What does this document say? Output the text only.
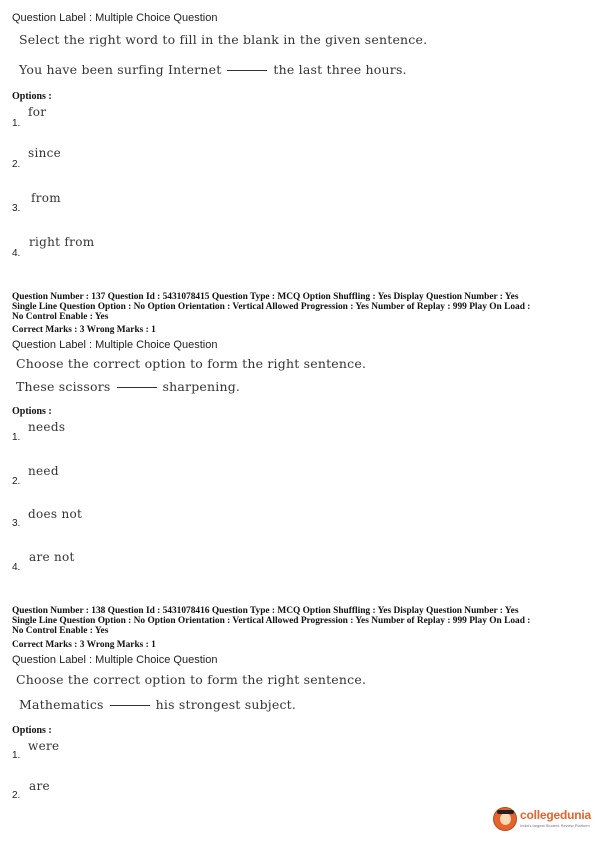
Question Label : Multiple Choice Question
Select the right word to fill in the blank in the given sentence.
You have been surfing Internet	the last three hours.
Options :
for
1.
since
2.
from
3.
right from
4.
Question Number : 137 Question Id : 5431078415 Question Type : MCQ Option Shuffling : Yes Display Question Number : Yes
Single Line Question Option : No Option Orientation : Vertical Allowed Progression : Yes Number of Replay : 999 Play On Load :
No Control Enable : Yes
Correct Marks : 3 Wrong Marks : 1
Question Label : Multiple Choice Question
Choose the correct option to form the right sentence.
These scissors	sharpening.
Options :
needs
1.
need
2.
does not
3.
are not
4.
Question Number : 138 Question Id : 5431078416 Question Type : MCQ Option Shuffling : Yes Display Question Number : Yes
Single Line Question Option : No Option Orientation : Vertical Allowed Progression : Yes Number of Replay : 999 Play On Load :
No Control Enable : Yes
Correct Marks : 3 Wrong Marks : 1
Question Label : Multiple Choice Question
Choose the correct option to form the right sentence.
Mathematics	his strongest subject.
Options :
were
1.
are
2.
collegedunia
India's largest Student Review Platform
